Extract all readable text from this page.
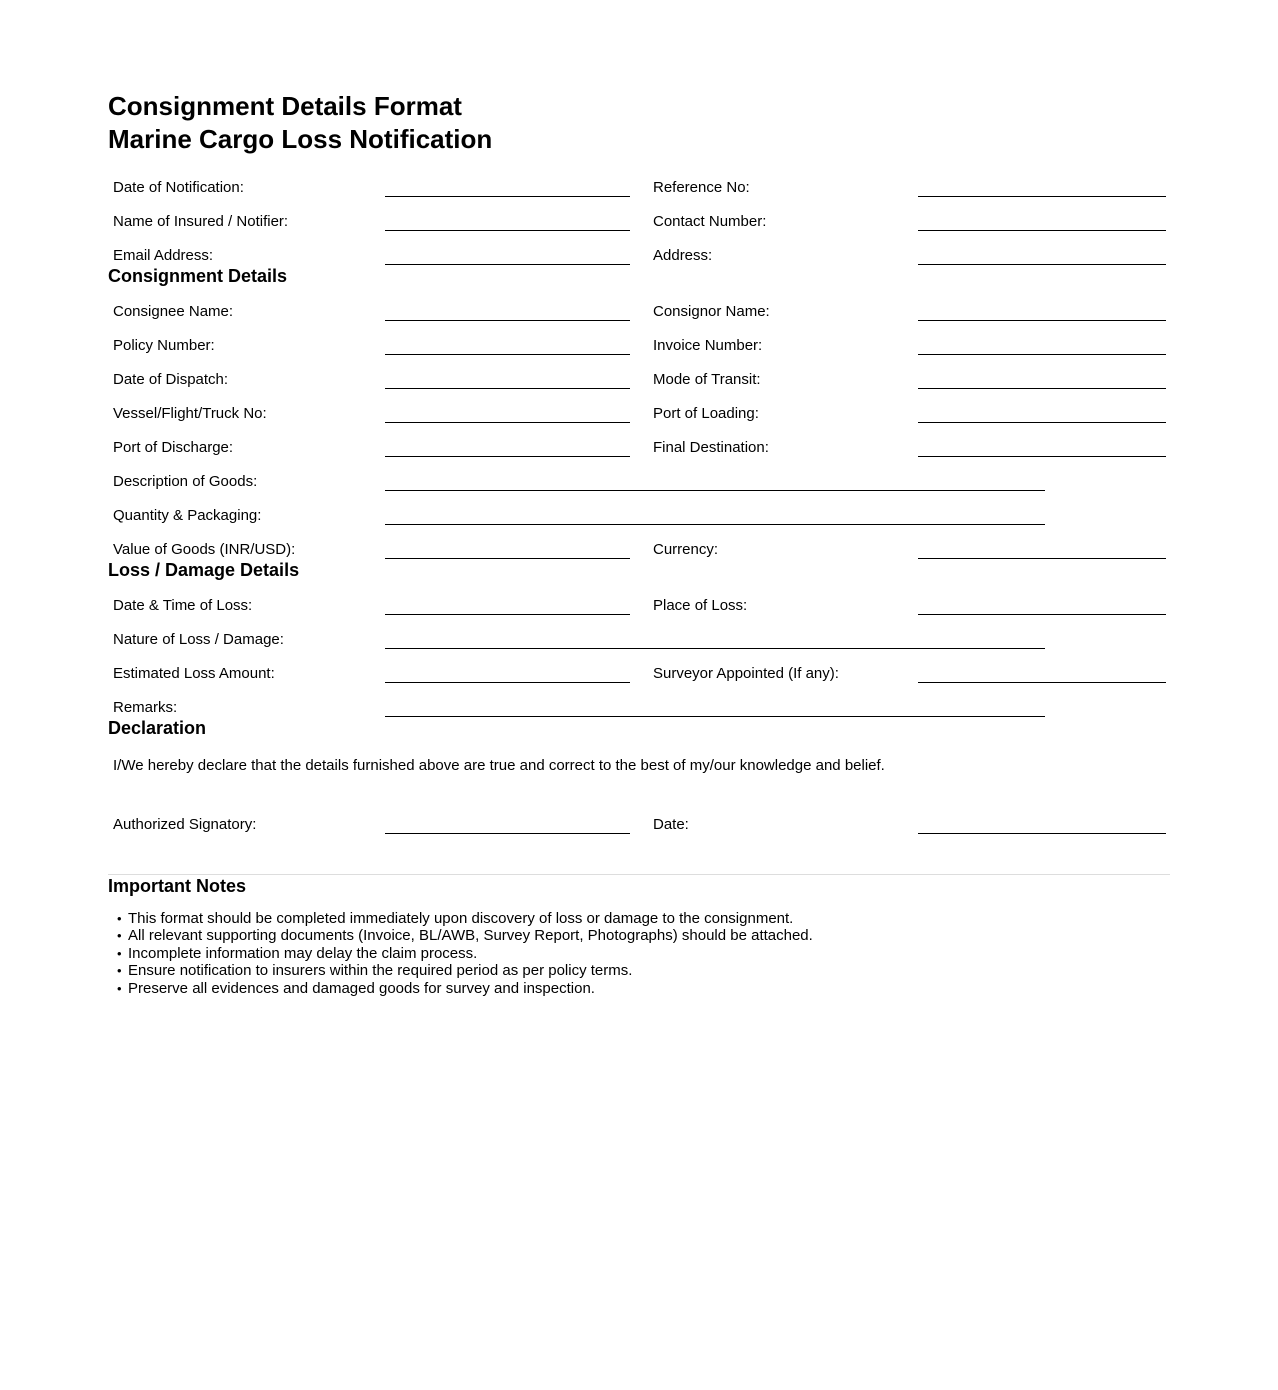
Consignment Details Format
Marine Cargo Loss Notification
Date of Notification:	Reference No:
Name of Insured / Notifier:	Contact Number:
Email Address:	Address:
Consignment Details
Consignee Name:	Consignor Name:
Policy Number:	Invoice Number:
Date of Dispatch:	Mode of Transit:
Vessel/Flight/Truck No:	Port of Loading:
Port of Discharge:	Final Destination:
Description of Goods:
Quantity & Packaging:
Value of Goods (INR/USD):	Currency:
Loss / Damage Details
Date & Time of Loss:	Place of Loss:
Nature of Loss / Damage:
Estimated Loss Amount:	Surveyor Appointed (If any):
Remarks:
Declaration

I/We hereby declare that the details furnished above are true and correct to the best of my/our knowledge and belief.

Authorized Signatory:	Date:
Important Notes
• This format should be completed immediately upon discovery of loss or damage to the consignment.
• All relevant supporting documents (Invoice, BL/AWB, Survey Report, Photographs) should be attached.
• Incomplete information may delay the claim process.
• Ensure notification to insurers within the required period as per policy terms.
• Preserve all evidences and damaged goods for survey and inspection.
